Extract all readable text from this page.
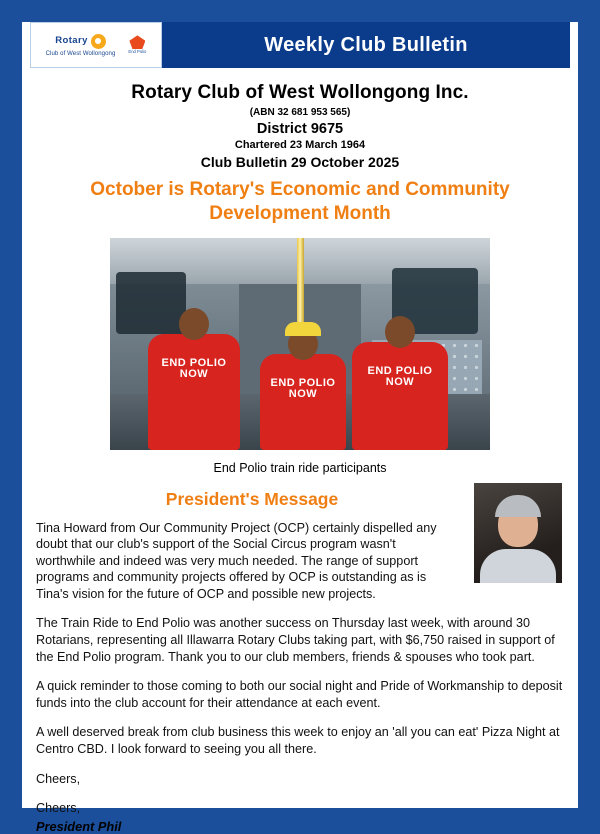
Rotary
Club of West Wollongong	End Polio	Weekly Club Bulletin
Rotary Club of West Wollongong Inc.
(ABN 32 681 953 565)
District 9675
Chartered 23 March 1964
Club Bulletin 29 October 2025
October is Rotary's Economic and Community Development Month
END POLIO NOW
END POLIO NOW
END POLIO NOW
End Polio train ride participants
President's Message

Tina Howard from Our Community Project (OCP) certainly dispelled any doubt that our club's support of the Social Circus program wasn't worthwhile and indeed was very much needed. The range of support programs and community projects offered by OCP is outstanding as is Tina's vision for the future of OCP and possible new projects.

The Train Ride to End Polio was another success on Thursday last week, with around 30 Rotarians, representing all Illawarra Rotary Clubs taking part, with $6,750 raised in support of the End Polio program. Thank you to our club members, friends & spouses who took part.

A quick reminder to those coming to both our social night and Pride of Workmanship to deposit funds into the club account for their attendance at each event.

A well deserved break from club business this week to enjoy an 'all you can eat' Pizza Night at Centro CBD. I look forward to seeing you all there.

Cheers,

Cheers,

President Phil
